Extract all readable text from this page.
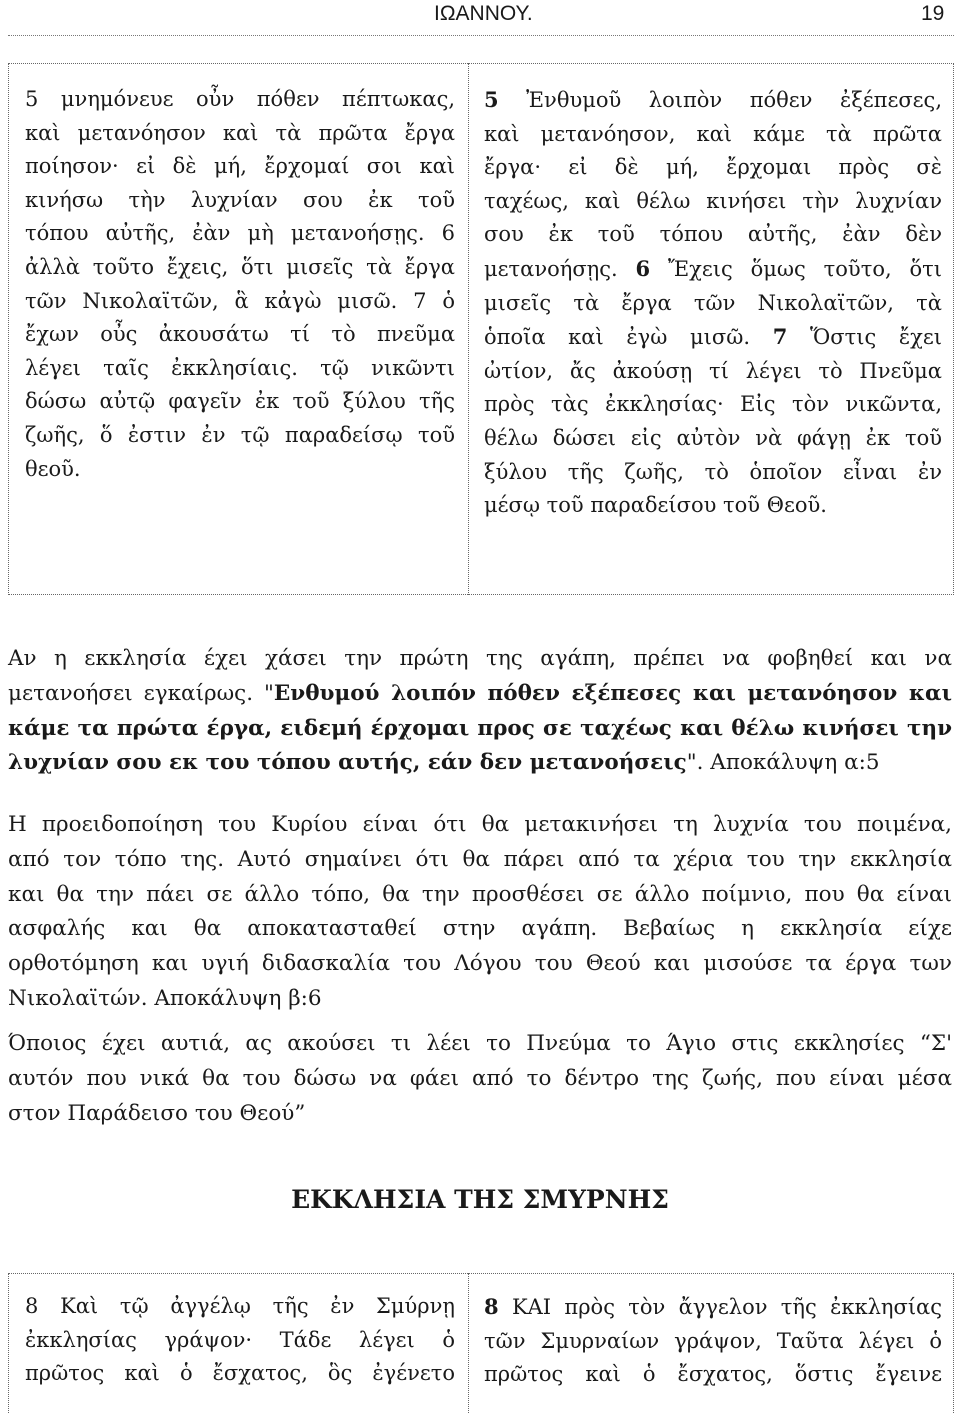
ΙΩΑΝΝΟΥ.	19
5 μνημόνευε οὖν πόθεν πέπτωκας,
καὶ μετανόησον καὶ τὰ πρῶτα ἔργα
ποίησον· εἰ δὲ μή, ἔρχομαί σοι καὶ
κινήσω τὴν λυχνίαν σου ἐκ τοῦ
τόπου αὐτῆς, ἐὰν μὴ μετανοήσῃς. 6
ἀλλὰ τοῦτο ἔχεις, ὅτι μισεῖς τὰ ἔργα
τῶν Νικολαϊτῶν, ἃ κἀγὼ μισῶ. 7 ὁ
ἔχων οὖς ἀκουσάτω τί τὸ πνεῦμα
λέγει ταῖς ἐκκλησίαις. τῷ νικῶντι
δώσω αὐτῷ φαγεῖν ἐκ τοῦ ξύλου τῆς
ζωῆς, ὅ ἐστιν ἐν τῷ παραδείσῳ τοῦ
θεοῦ.
5 Ἐνθυμοῦ λοιπὸν πόθεν ἐξέπεσες,
καὶ μετανόησον, καὶ κάμε τὰ πρῶτα
ἔργα· εἰ δὲ μή, ἔρχομαι πρὸς σὲ
ταχέως, καὶ θέλω κινήσει τὴν λυχνίαν
σου ἐκ τοῦ τόπου αὐτῆς, ἐὰν δὲν
μετανοήσῃς. 6 Ἔχεις ὅμως τοῦτο, ὅτι
μισεῖς τὰ ἔργα τῶν Νικολαϊτῶν, τὰ
ὁποῖα καὶ ἐγὼ μισῶ. 7 Ὅστις ἔχει
ὠτίον, ἄς ἀκούσῃ τί λέγει τὸ Πνεῦμα
πρὸς τὰς ἐκκλησίας· Εἰς τὸν νικῶντα,
θέλω δώσει εἰς αὐτὸν νὰ φάγῃ ἐκ τοῦ
ξύλου τῆς ζωῆς, τὸ ὁποῖον εἶναι ἐν
μέσῳ τοῦ παραδείσου τοῦ Θεοῦ.
Αν η εκκλησία έχει χάσει την πρώτη της αγάπη, πρέπει να φοβηθεί και να
μετανοήσει εγκαίρως. "Ενθυμού λοιπόν πόθεν εξέπεσες και μετανόησον και
κάμε τα πρώτα έργα, ειδεμή έρχομαι προς σε ταχέως και θέλω κινήσει την
λυχνίαν σου εκ του τόπου αυτής, εάν δεν μετανοήσεις". Αποκάλυψη α:5
Η προειδοποίηση του Κυρίου είναι ότι θα μετακινήσει τη λυχνία του ποιμένα,
από τον τόπο της. Αυτό σημαίνει ότι θα πάρει από τα χέρια του την εκκλησία
και θα την πάει σε άλλο τόπο, θα την προσθέσει σε άλλο ποίμνιο, που θα είναι
ασφαλής και θα αποκατασταθεί στην αγάπη. Βεβαίως η εκκλησία είχε
ορθοτόμηση και υγιή διδασκαλία του Λόγου του Θεού και μισούσε τα έργα των
Νικολαϊτών. Αποκάλυψη β:6
Όποιος έχει αυτιά, ας ακούσει τι λέει το Πνεύμα το Άγιο στις εκκλησίες “Σ'
αυτόν που νικά θα του δώσω να φάει από το δέντρο της ζωής, που είναι μέσα
στον Παράδεισο του Θεού”
ΕΚΚΛΗΣΙΑ ΤΗΣ ΣΜΥΡΝΗΣ
8 Καὶ τῷ ἀγγέλῳ τῆς ἐν Σμύρνῃ
ἐκκλησίας γράψον· Τάδε λέγει ὁ
πρῶτος καὶ ὁ ἔσχατος, ὃς ἐγένετο
8 ΚΑΙ πρὸς τὸν ἄγγελον τῆς ἐκκλησίας
τῶν Σμυρναίων γράψον, Ταῦτα λέγει ὁ
πρῶτος καὶ ὁ ἔσχατος, ὅστις ἔγεινε
